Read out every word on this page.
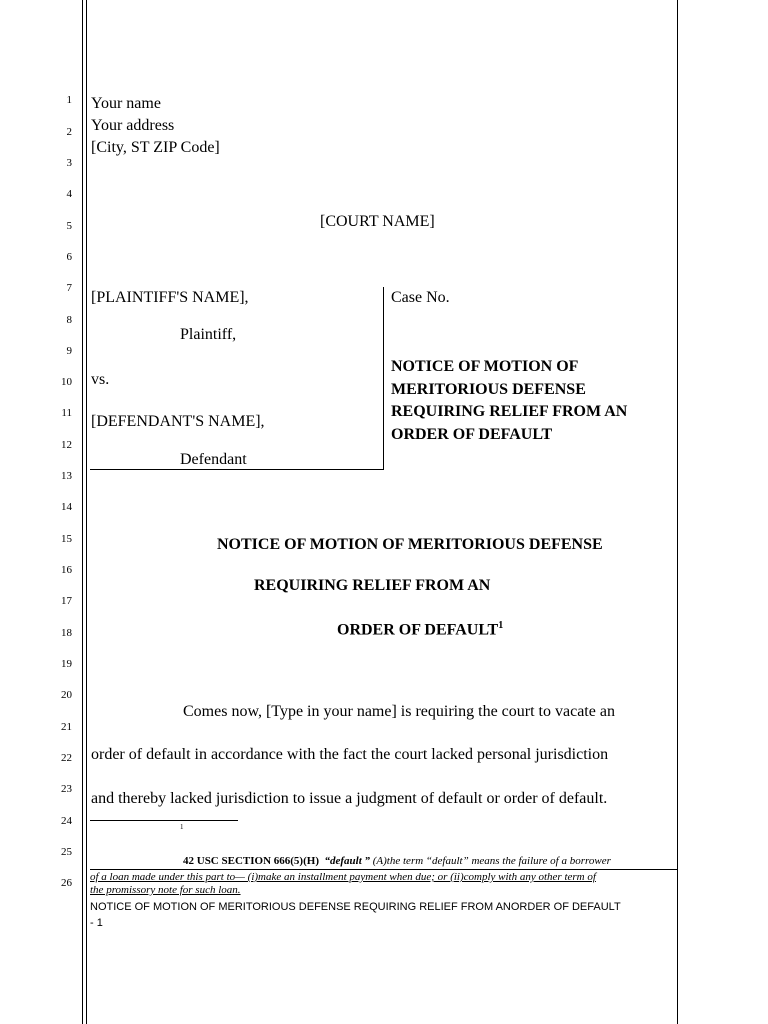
1
2
3
4
5
6
7
8
9
10
11
12
13
14
15
16
17
18
19
20
21
22
23
24
25
26
Your name
Your address
[City, ST ZIP Code]
[COURT NAME]
[PLAINTIFF'S NAME],
Plaintiff,
vs.
[DEFENDANT'S NAME],
Defendant
Case No.
NOTICE OF MOTION OF
MERITORIOUS DEFENSE
REQUIRING RELIEF FROM AN
ORDER OF DEFAULT
NOTICE OF MOTION OF MERITORIOUS DEFENSE
REQUIRING RELIEF FROM AN
ORDER OF DEFAULT$^1$
Comes now, [Type in your name] is requiring the court to vacate an
order of default in accordance with the fact the court lacked personal jurisdiction
and thereby lacked jurisdiction to issue a judgment of default or order of default.
1
42 USC SECTION 666(5)(H) “default ” (A)the term “default” means the failure of a borrower
of a loan made under this part to— (i)make an installment payment when due; or (ii)comply with any other term of
the promissory note for such loan.
NOTICE OF MOTION OF MERITORIOUS DEFENSE REQUIRING RELIEF FROM ANORDER OF DEFAULT
- 1
